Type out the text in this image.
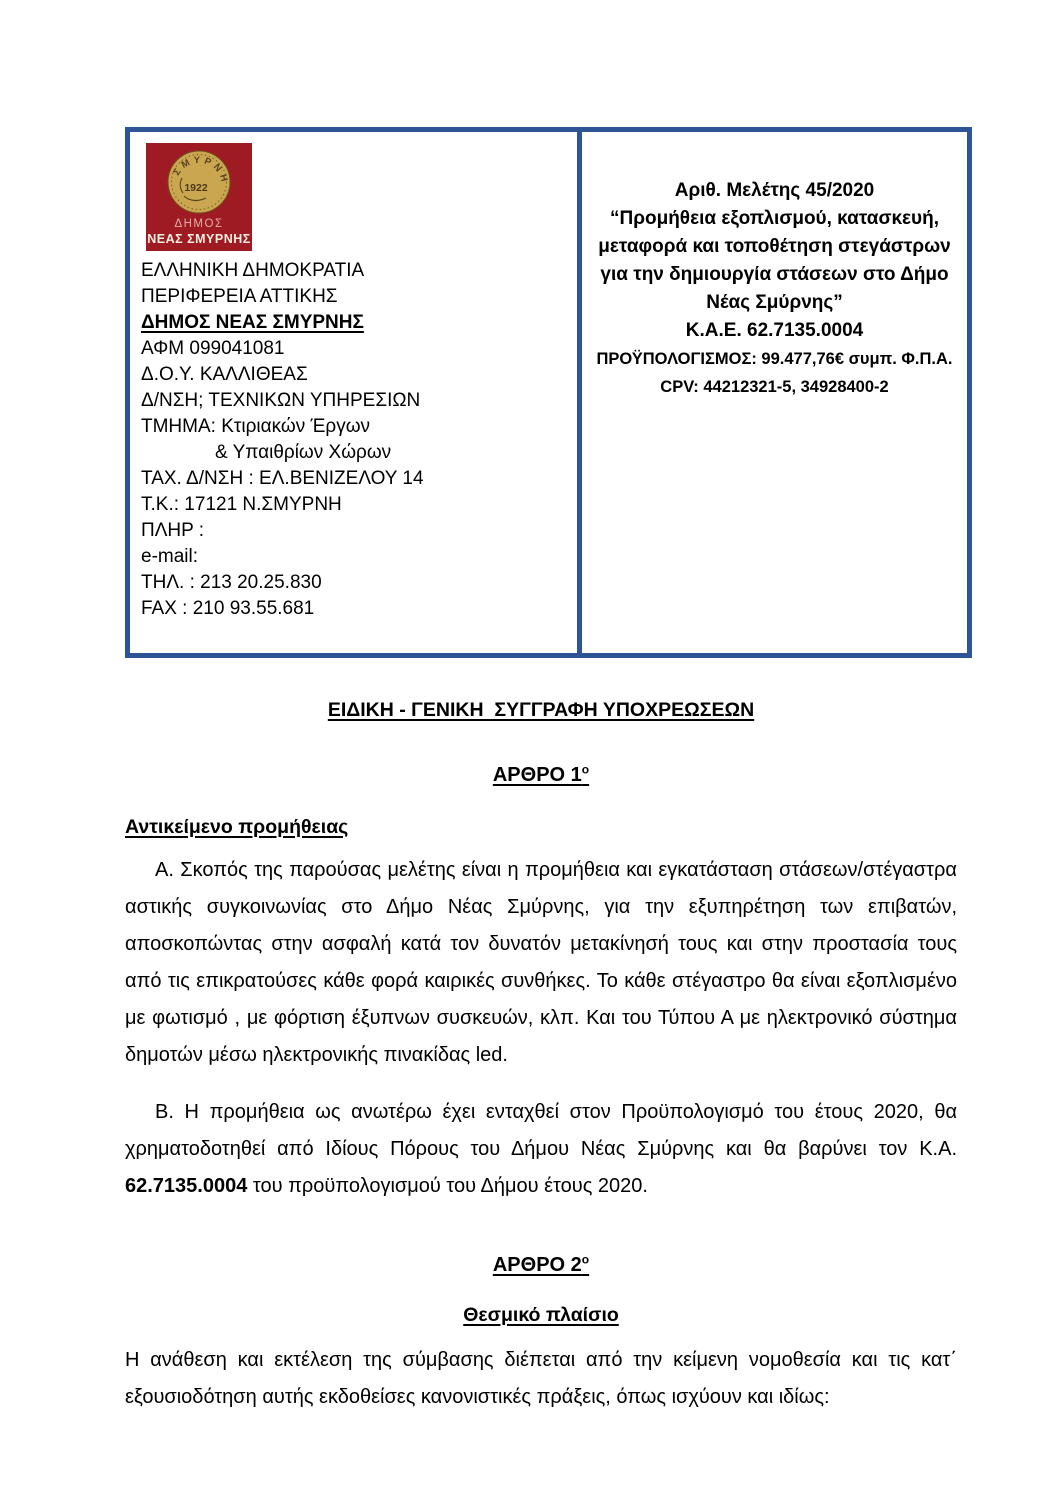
ΣΜΥΡΝΗ
1922
ΔΗΜΟΣ
ΝΕΑΣ ΣΜΥΡΝΗΣ
ΕΛΛΗΝΙΚΗ ΔΗΜΟΚΡΑΤΙΑ
ΠΕΡΙΦΕΡΕΙΑ ΑΤΤΙΚΗΣ
ΔΗΜΟΣ ΝΕΑΣ ΣΜΥΡΝΗΣ
ΑΦΜ 099041081
Δ.Ο.Υ. ΚΑΛΛΙΘΕΑΣ
Δ/ΝΣΗ; ΤΕΧΝΙΚΩΝ ΥΠΗΡΕΣΙΩΝ
ΤΜΗΜΑ: Κτιριακών Έργων
& Υπαιθρίων Χώρων
ΤΑΧ. Δ/ΝΣΗ : ΕΛ.ΒΕΝΙΖΕΛΟΥ 14
Τ.Κ.: 17121 Ν.ΣΜΥΡΝΗ
ΠΛΗΡ :
e-mail:
ΤΗΛ. : 213 20.25.830
FAX : 210 93.55.681
Αριθ. Μελέτης 45/2020
“Προμήθεια εξοπλισμού, κατασκευή,
μεταφορά και τοποθέτηση στεγάστρων
για την δημιουργία στάσεων στο Δήμο
Νέας Σμύρνης”
Κ.Α.Ε. 62.7135.0004
ΠΡΟΫΠΟΛΟΓΙΣΜΟΣ: 99.477,76€ συμπ. Φ.Π.Α.
CPV: 44212321-5, 34928400-2
ΕΙΔΙΚΗ - ΓΕΝΙΚΗ  ΣΥΓΓΡΑΦΗ ΥΠΟΧΡΕΩΣΕΩΝ
ΑΡΘΡΟ $1^o$
Αντικείμενο προμήθειας

Α. Σκοπός της παρούσας μελέτης είναι η προμήθεια και εγκατάσταση στάσεων/στέγαστρα αστικής συγκοινωνίας στο Δήμο Νέας Σμύρνης, για την εξυπηρέτηση των επιβατών, αποσκοπώντας στην ασφαλή κατά τον δυνατόν μετακίνησή τους και στην προστασία τους από τις επικρατούσες κάθε φορά καιρικές συνθήκες. Το κάθε στέγαστρο θα είναι εξοπλισμένο με φωτισμό , με φόρτιση έξυπνων συσκευών, κλπ. Και του Τύπου Α με ηλεκτρονικό σύστημα δημοτών μέσω ηλεκτρονικής πινακίδας led.

Β. Η προμήθεια ως ανωτέρω έχει ενταχθεί στον Προϋπολογισμό του έτους 2020, θα χρηματοδοτηθεί από Ιδίους Πόρους του Δήμου Νέας Σμύρνης και θα βαρύνει τον Κ.Α. 62.7135.0004 του προϋπολογισμού του Δήμου έτους 2020.

ΑΡΘΡΟ $2^o$
Θεσμικό πλαίσιο

Η ανάθεση και εκτέλεση της σύμβασης διέπεται από την κείμενη νομοθεσία και τις κατ΄ εξουσιοδότηση αυτής εκδοθείσες κανονιστικές πράξεις, όπως ισχύουν και ιδίως:
